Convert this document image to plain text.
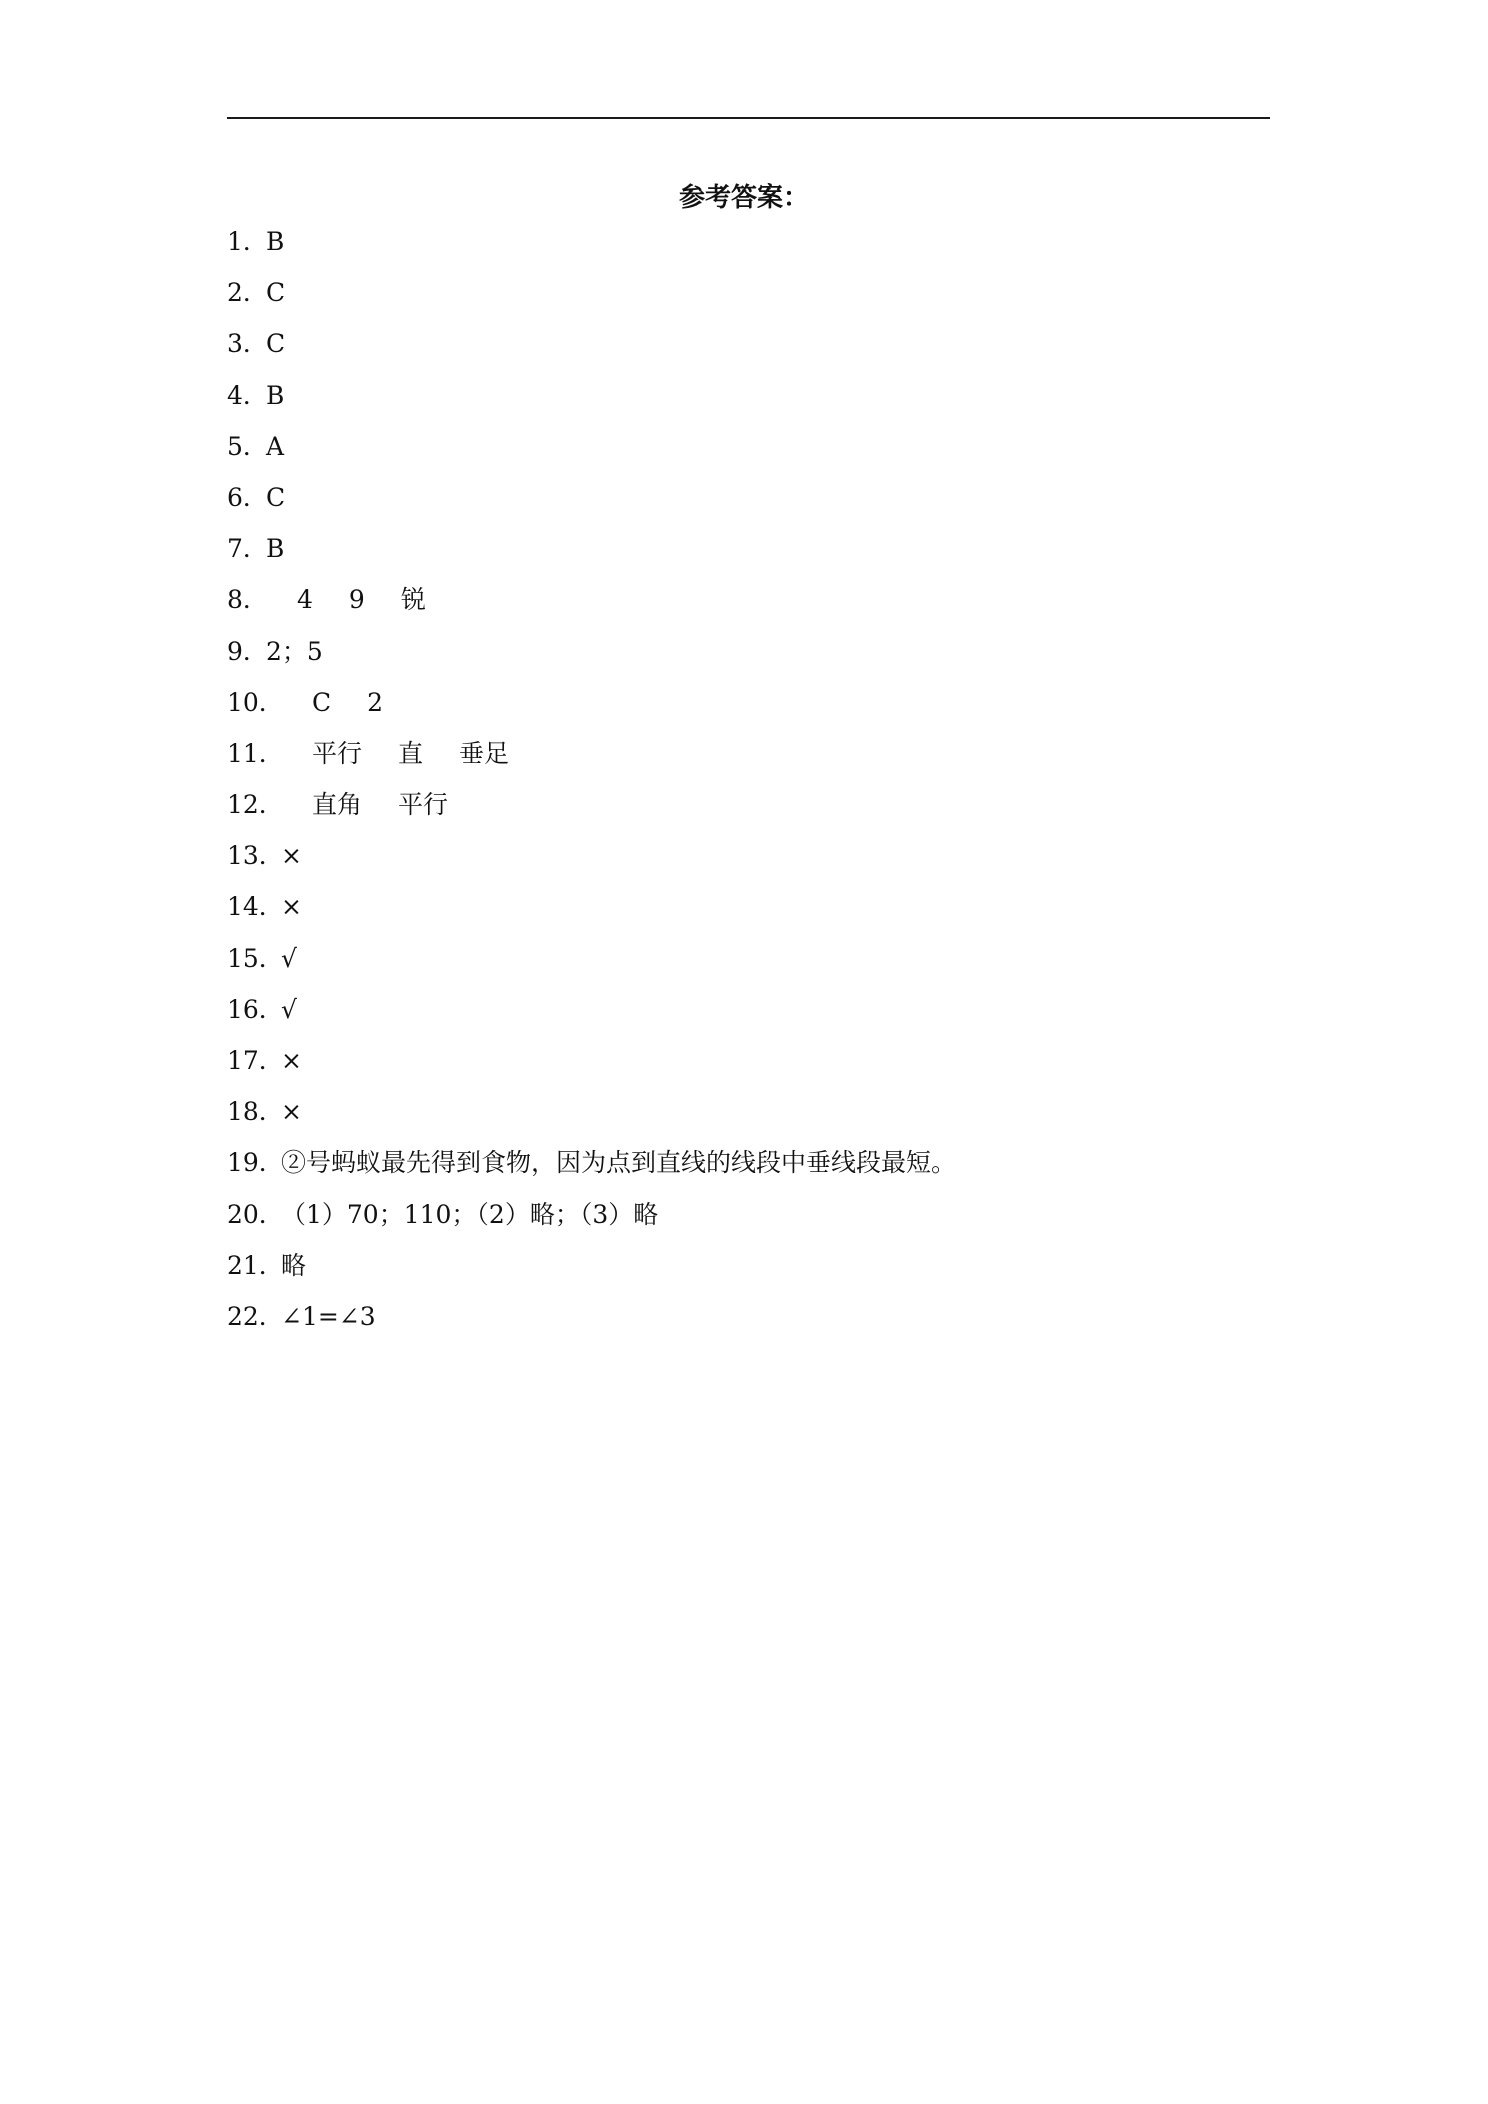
参考答案：
1．B
2．C
3．C
4．B
5．A
6．C
7．B
8． 4 9 锐
9．2；5
10． C 2
11． 平行 直 垂足
12． 直角 平行
13．×
14．×
15．√
16．√
17．×
18．×
19．②号蚂蚁最先得到食物，因为点到直线的线段中垂线段最短。
20．（1）70；110；（2）略；（3）略
21．略
22．∠1=∠3
